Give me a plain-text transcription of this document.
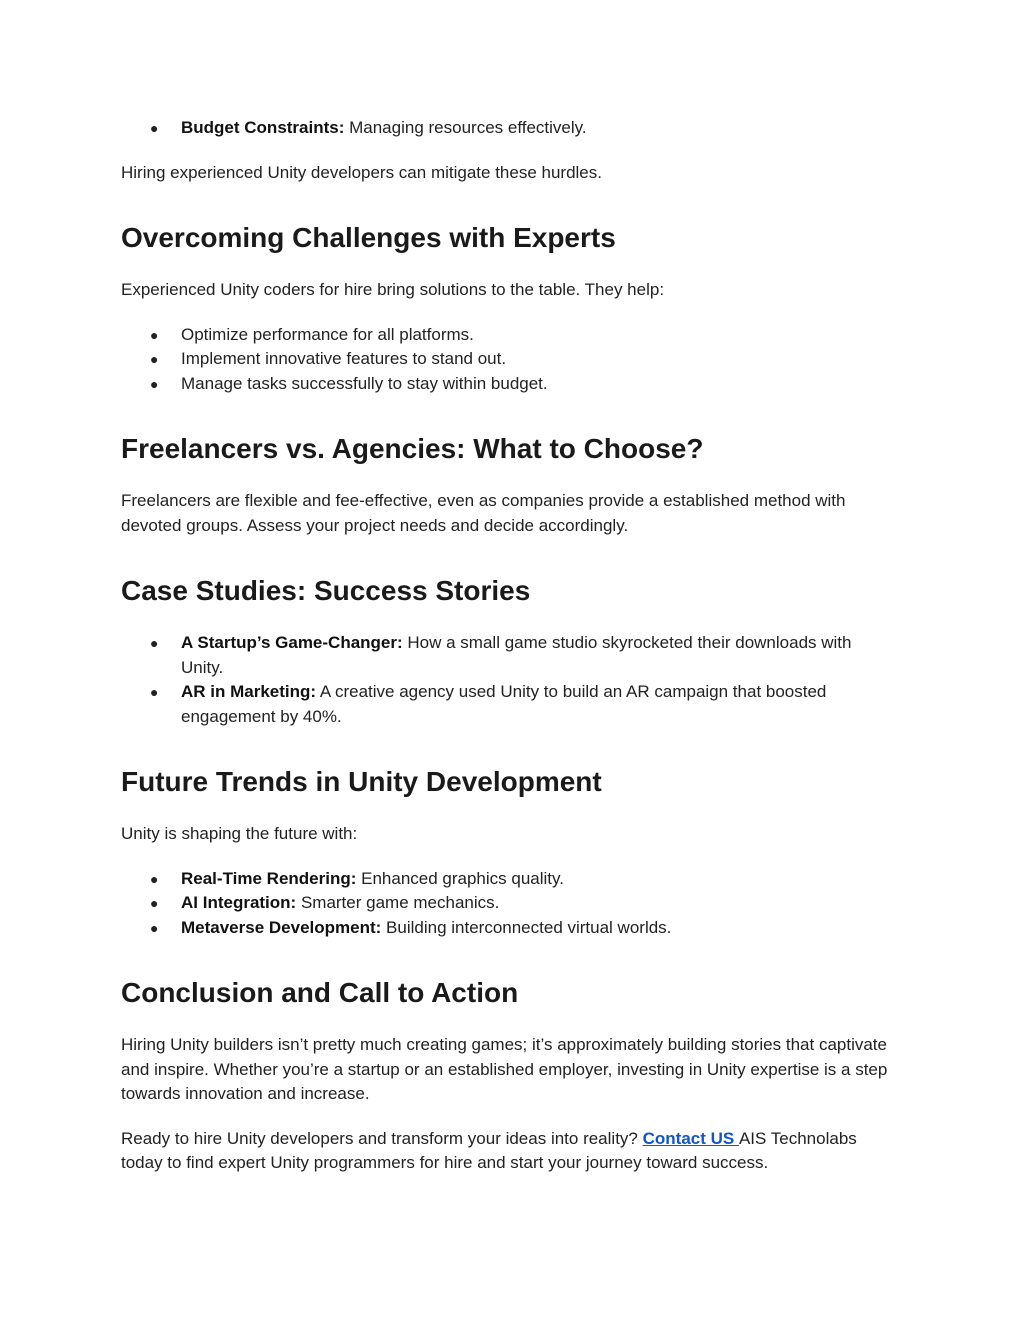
● Budget Constraints: Managing resources effectively.

Hiring experienced Unity developers can mitigate these hurdles.

Overcoming Challenges with Experts

Experienced Unity coders for hire bring solutions to the table. They help:

● Optimize performance for all platforms.
● Implement innovative features to stand out.
● Manage tasks successfully to stay within budget.
Freelancers vs. Agencies: What to Choose?

Freelancers are flexible and fee-effective, even as companies provide a established method with devoted groups. Assess your project needs and decide accordingly.

Case Studies: Success Stories
● A Startup’s Game-Changer: How a small game studio skyrocketed their downloads with Unity.
● AR in Marketing: A creative agency used Unity to build an AR campaign that boosted engagement by 40%.
Future Trends in Unity Development

Unity is shaping the future with:

● Real-Time Rendering: Enhanced graphics quality.
● AI Integration: Smarter game mechanics.
● Metaverse Development: Building interconnected virtual worlds.
Conclusion and Call to Action

Hiring Unity builders isn’t pretty much creating games; it’s approximately building stories that captivate and inspire. Whether you’re a startup or an established employer, investing in Unity expertise is a step towards innovation and increase.

Ready to hire Unity developers and transform your ideas into reality? Contact US AIS Technolabs today to find expert Unity programmers for hire and start your journey toward success.
